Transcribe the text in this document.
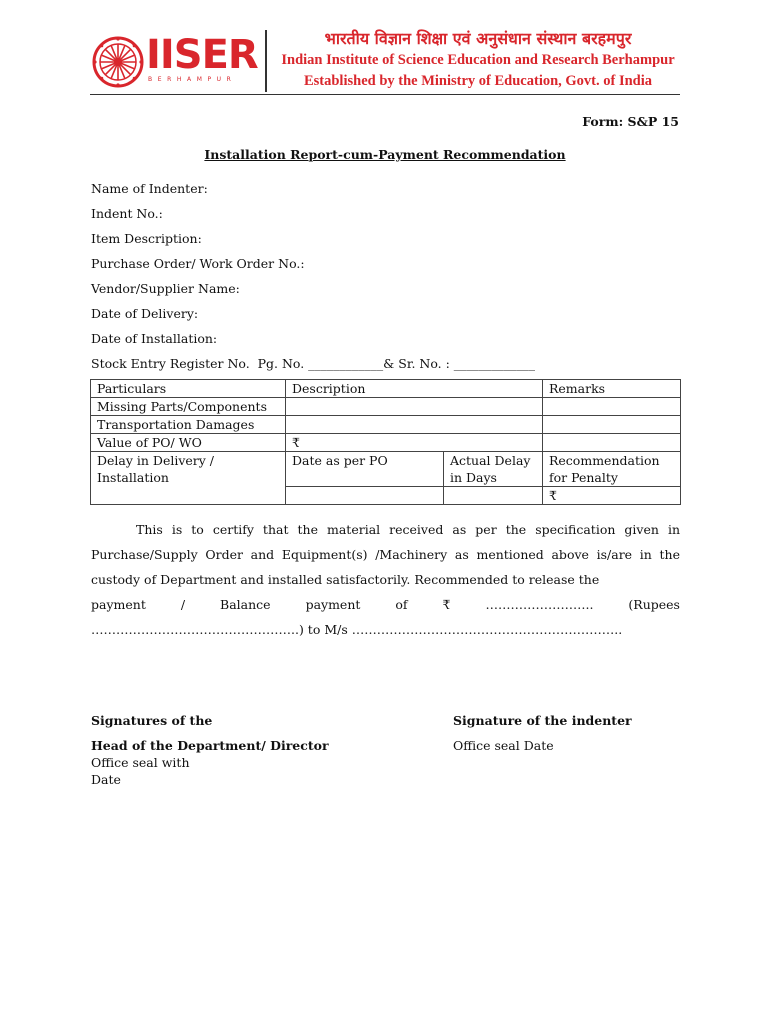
IISER
BERHAMPUR
भारतीय विज्ञान शिक्षा एवं अनुसंधान संस्थान बरहमपुर
Indian Institute of Science Education and Research Berhampur
Established by the Ministry of Education, Govt. of India
Form: S&P 15
Installation Report-cum-Payment Recommendation
Name of Indenter:
Indent No.:
Item Description:
Purchase Order/ Work Order No.:
Vendor/Supplier Name:
Date of Delivery:
Date of Installation:
Stock Entry Register No.  Pg. No. ____________& Sr. No. : _____________
Particulars	Description		Remarks
Missing Parts/Components			
Transportation Damages			
Value of PO/ WO	₹		
Delay in Delivery / Installation	Date as per PO	Actual Delay in Days	Recommendation for Penalty
			₹

This is to certify that the material received as per the specification given in Purchase/Supply Order and Equipment(s) /Machinery as mentioned above is/are in the custody of Department and installed satisfactorily. Recommended to release the

payment	/	Balance	payment	of	₹	……………………..	(Rupees
…………………………………………..) to M/s ………………………………………………………..
Signatures of the
Head of the Department/ Director
Office seal with
Date
Signature of the indenter
Office seal Date
